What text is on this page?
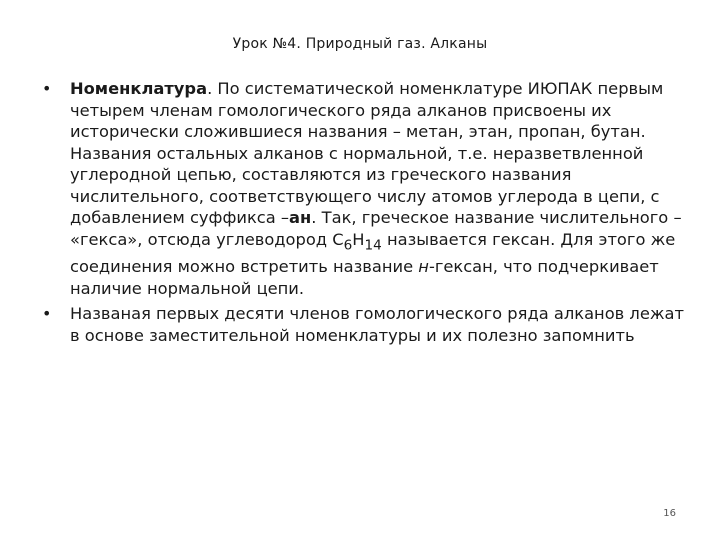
Урок №4. Природный газ. Алканы
• Номенклатура. По систематической номенклатуре ИЮПАК первым четырем членам гомологического ряда алканов присвоены их исторически сложившиеся названия – метан, этан, пропан, бутан. Названия остальных алканов с нормальной, т.е. неразветвленной углеродной цепью, составляются из греческого названия числительного, соответствующего числу атомов углерода в цепи, с добавлением суффикса –ан. Так, греческое название числительного – «гекса», отсюда углеводород $C_6H_{14}$ называется гексан. Для этого же соединения можно встретить название н-гексан, что подчеркивает наличие нормальной цепи.
• Названая первых десяти членов гомологического ряда алканов лежат в основе заместительной номенклатуры и их полезно запомнить
16
